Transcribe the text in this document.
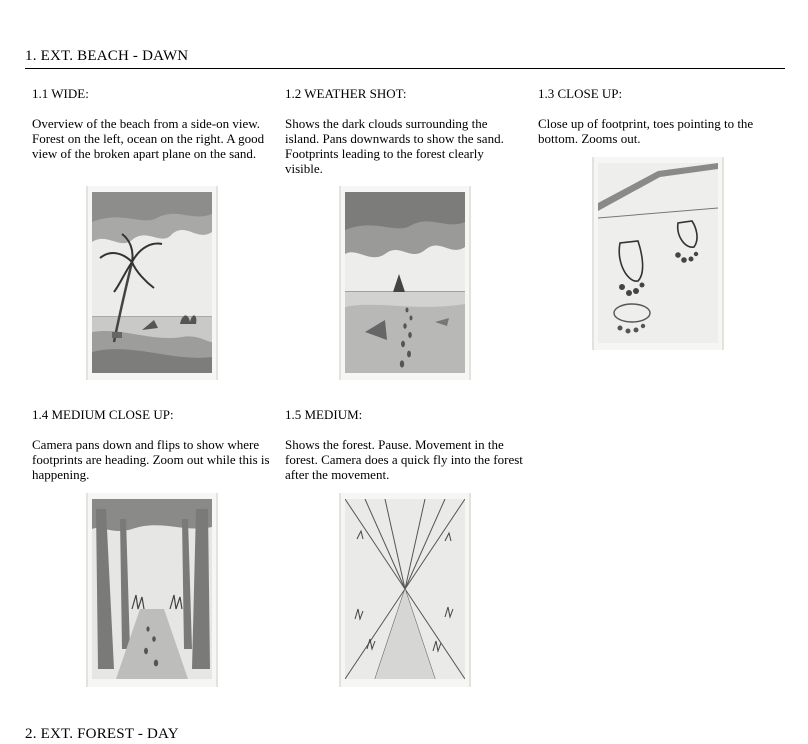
1. EXT. BEACH - DAWN

1.1 WIDE:

Overview of the beach from a side-on view. Forest on the left, ocean on the right. A good view of the broken apart plane on the sand.

1.2 WEATHER SHOT:

Shows the dark clouds surrounding the island. Pans downwards to show the sand. Footprints leading to the forest clearly visible.

1.3 CLOSE UP:

Close up of footprint, toes pointing to the bottom. Zooms out.

1.4 MEDIUM CLOSE UP:

Camera pans down and flips to show where footprints are heading. Zoom out while this is happening.

1.5 MEDIUM:

Shows the forest. Pause. Movement in the forest. Camera does a quick fly into the forest after the movement.

2. EXT. FOREST - DAY
